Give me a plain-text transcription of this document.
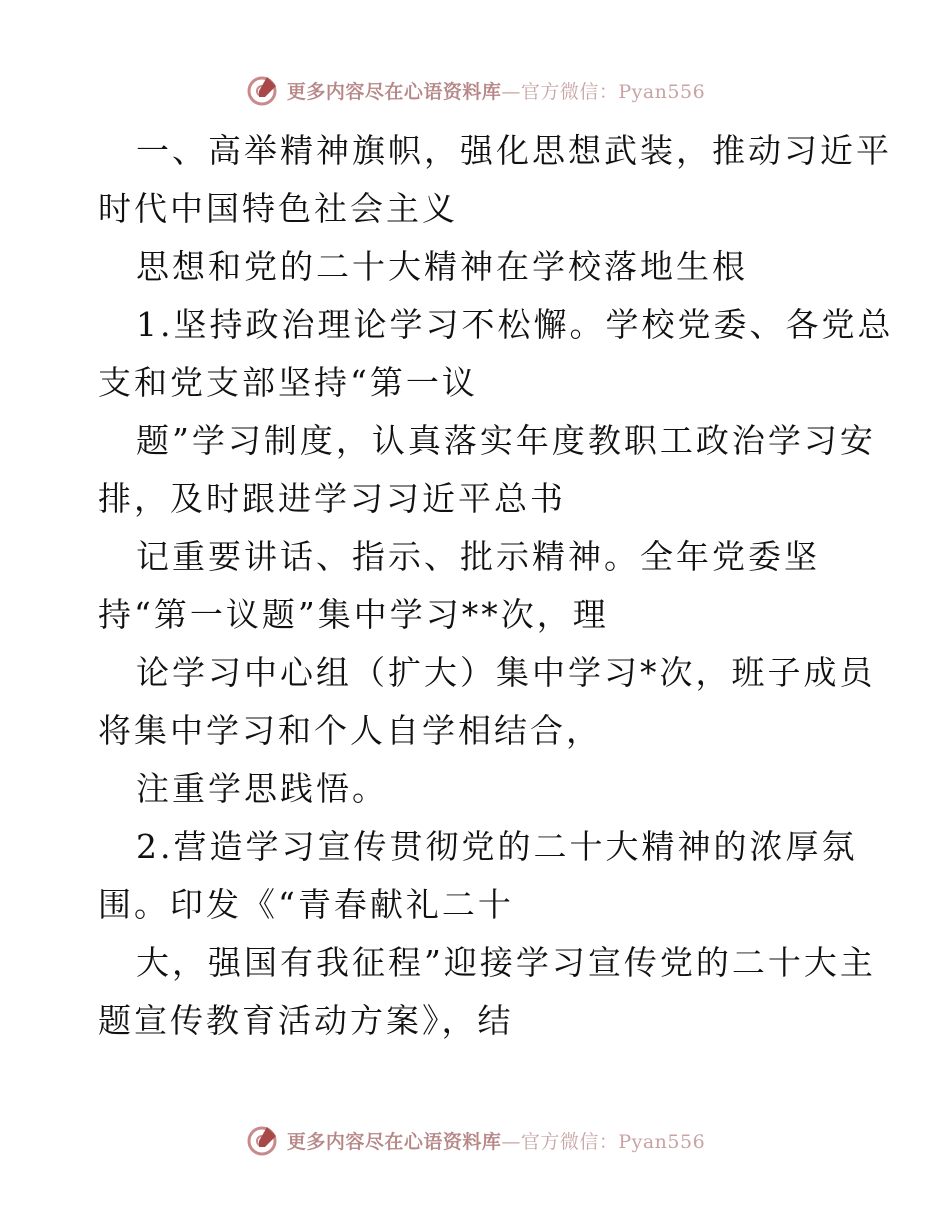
更多内容尽在心语资料库—官方微信：Pyan556
一、高举精神旗帜，强化思想武装，推动习近平
时代中国特色社会主义
思想和党的二十大精神在学校落地生根
1.坚持政治理论学习不松懈。学校党委、各党总
支和党支部坚持“第一议
题”学习制度，认真落实年度教职工政治学习安
排，及时跟进学习习近平总书
记重要讲话、指示、批示精神。全年党委坚
持“第一议题”集中学习**次，理
论学习中心组（扩大）集中学习*次，班子成员
将集中学习和个人自学相结合，
注重学思践悟。
2.营造学习宣传贯彻党的二十大精神的浓厚氛
围。印发《“青春献礼二十
大，强国有我征程”迎接学习宣传党的二十大主
题宣传教育活动方案》，结
更多内容尽在心语资料库—官方微信：Pyan556
